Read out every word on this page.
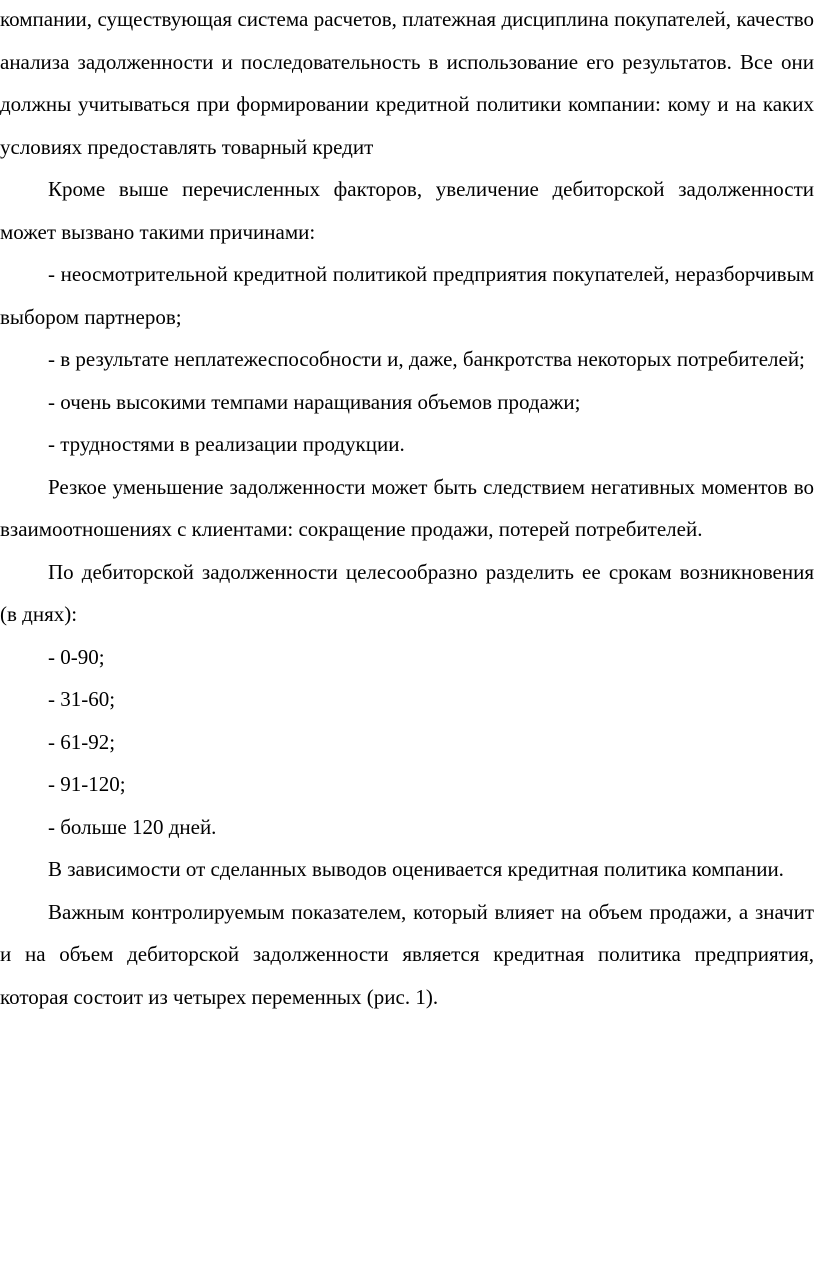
компании, существующая система расчетов, платежная дисциплина покупателей, качество анализа задолженности и последовательность в использование его результатов. Все они должны учитываться при формировании кредитной политики компании: кому и на каких условиях предоставлять товарный кредит

Кроме выше перечисленных факторов, увеличение дебиторской задолженности может вызвано такими причинами:

- неосмотрительной кредитной политикой предприятия покупателей, неразборчивым выбором партнеров;

- в результате неплатежеспособности и, даже, банкротства некоторых потребителей;

- очень высокими темпами наращивания объемов продажи;

- трудностями в реализации продукции.

Резкое уменьшение задолженности может быть следствием негативных моментов во взаимоотношениях с клиентами: сокращение продажи, потерей потребителей.

По дебиторской задолженности целесообразно разделить ее срокам возникновения (в днях):

- 0-90;

- 31-60;

- 61-92;

- 91-120;

- больше 120 дней.

В зависимости от сделанных выводов оценивается кредитная политика компании.

Важным контролируемым показателем, который влияет на объем продажи, а значит и на объем дебиторской задолженности является кредитная политика предприятия, которая состоит из четырех переменных (рис. 1).
